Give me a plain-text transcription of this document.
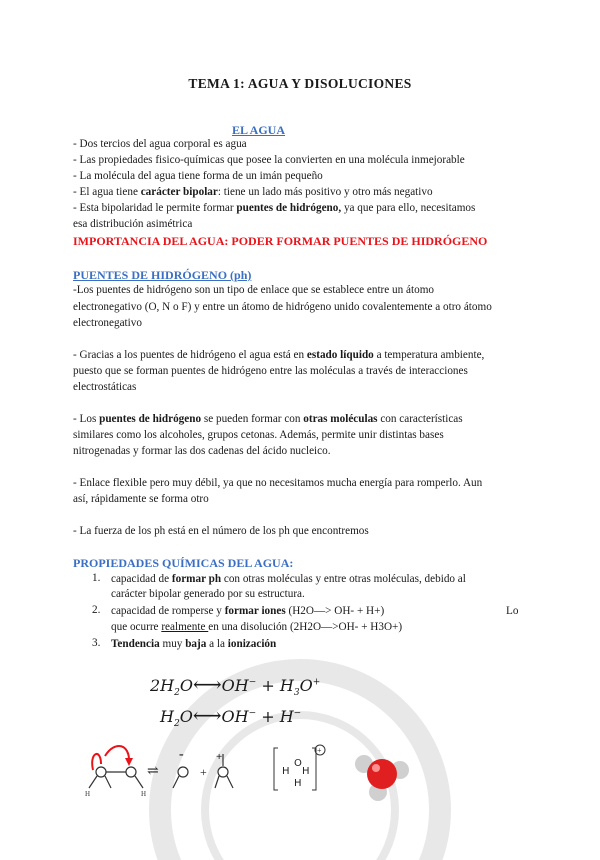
TEMA 1: AGUA Y DISOLUCIONES
EL AGUA
- Dos tercios del agua corporal es agua
- Las propiedades fisico-químicas que posee la convierten en una molécula inmejorable
- La molécula del agua tiene forma de un imán pequeño
- El agua tiene carácter bipolar: tiene un lado más positivo y otro más negativo
- Esta bipolaridad le permite formar puentes de hidrógeno, ya que para ello, necesitamos
esa distribución asimétrica
IMPORTANCIA DEL AGUA: PODER FORMAR PUENTES DE HIDRÓGENO
PUENTES DE HIDRÓGENO (ph)
-Los puentes de hidrógeno son un tipo de enlace que se establece entre un átomo
electronegativo (O, N o F) y entre un átomo de hidrógeno unido covalentemente a otro átomo
electronegativo
- Gracias a los puentes de hidrógeno el agua está en estado líquido a temperatura ambiente,
puesto que se forman puentes de hidrógeno entre las moléculas a través de interacciones
electrostáticas
- Los puentes de hidrógeno se pueden formar con otras moléculas con características
similares como los alcoholes, grupos cetonas. Además, permite unir distintas bases
nitrogenadas y formar las dos cadenas del ácido nucleico.
- Enlace flexible pero muy débil, ya que no necesitamos mucha energía para romperlo. Aun
así, rápidamente se forma otro
- La fuerza de los ph está en el número de los ph que encontremos
PROPIEDADES QUÍMICAS DEL AGUA:
1. capacidad de formar ph con otras moléculas y entre otras moléculas, debido al
carácter bipolar generado por su estructura.
2. capacidad de romperse y formar iones (H2O—> OH- + H+)	Lo
que ocurre realmente en una disolución (2H2O—>OH- + H3O+)
3. Tendencia muy baja a la ionización
$2H_2O⟷OH^- + H_3O^+$
$H_2O⟷OH^- + H^-$
H	H
⇌
-
+
+
H
O
H
H
+
